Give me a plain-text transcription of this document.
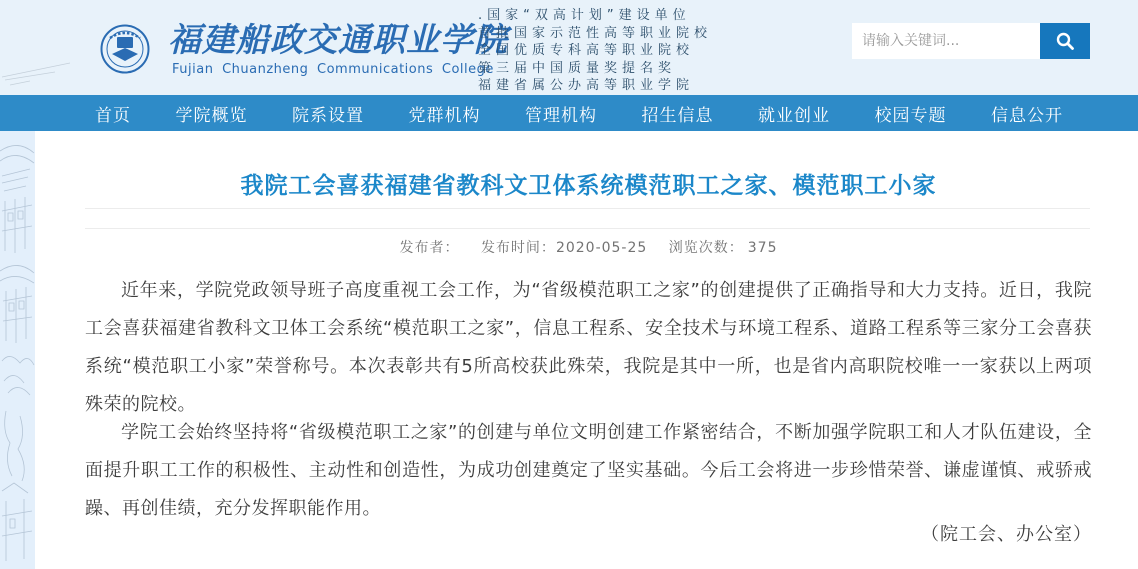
福建船政交通职业学院
Fujian Chuanzheng Communications College
.国家“双高计划”建设单位
首批国家示范性高等职业院校
全国优质专科高等职业院校
第三届中国质量奖提名奖
福建省属公办高等职业学院
请输入关键词...
首页	学院概览	院系设置	党群机构	管理机构	招生信息	就业创业	校园专题	信息公开
我院工会喜获福建省教科文卫体系统模范职工之家、模范职工小家
发布者： 发布时间：2020-05-25 浏览次数： 375

近年来，学院党政领导班子高度重视工会工作，为“省级模范职工之家”的创建提供了正确指导和大力支持。近日，我院工会喜获福建省教科文卫体工会系统“模范职工之家”，信息工程系、安全技术与环境工程系、道路工程系等三家分工会喜获系统“模范职工小家”荣誉称号。本次表彰共有5所高校获此殊荣，我院是其中一所，也是省内高职院校唯一一家获以上两项殊荣的院校。

学院工会始终坚持将“省级模范职工之家”的创建与单位文明创建工作紧密结合，不断加强学院职工和人才队伍建设，全面提升职工工作的积极性、主动性和创造性，为成功创建奠定了坚实基础。今后工会将进一步珍惜荣誉、谦虚谨慎、戒骄戒躁、再创佳绩，充分发挥职能作用。

（院工会、办公室）
